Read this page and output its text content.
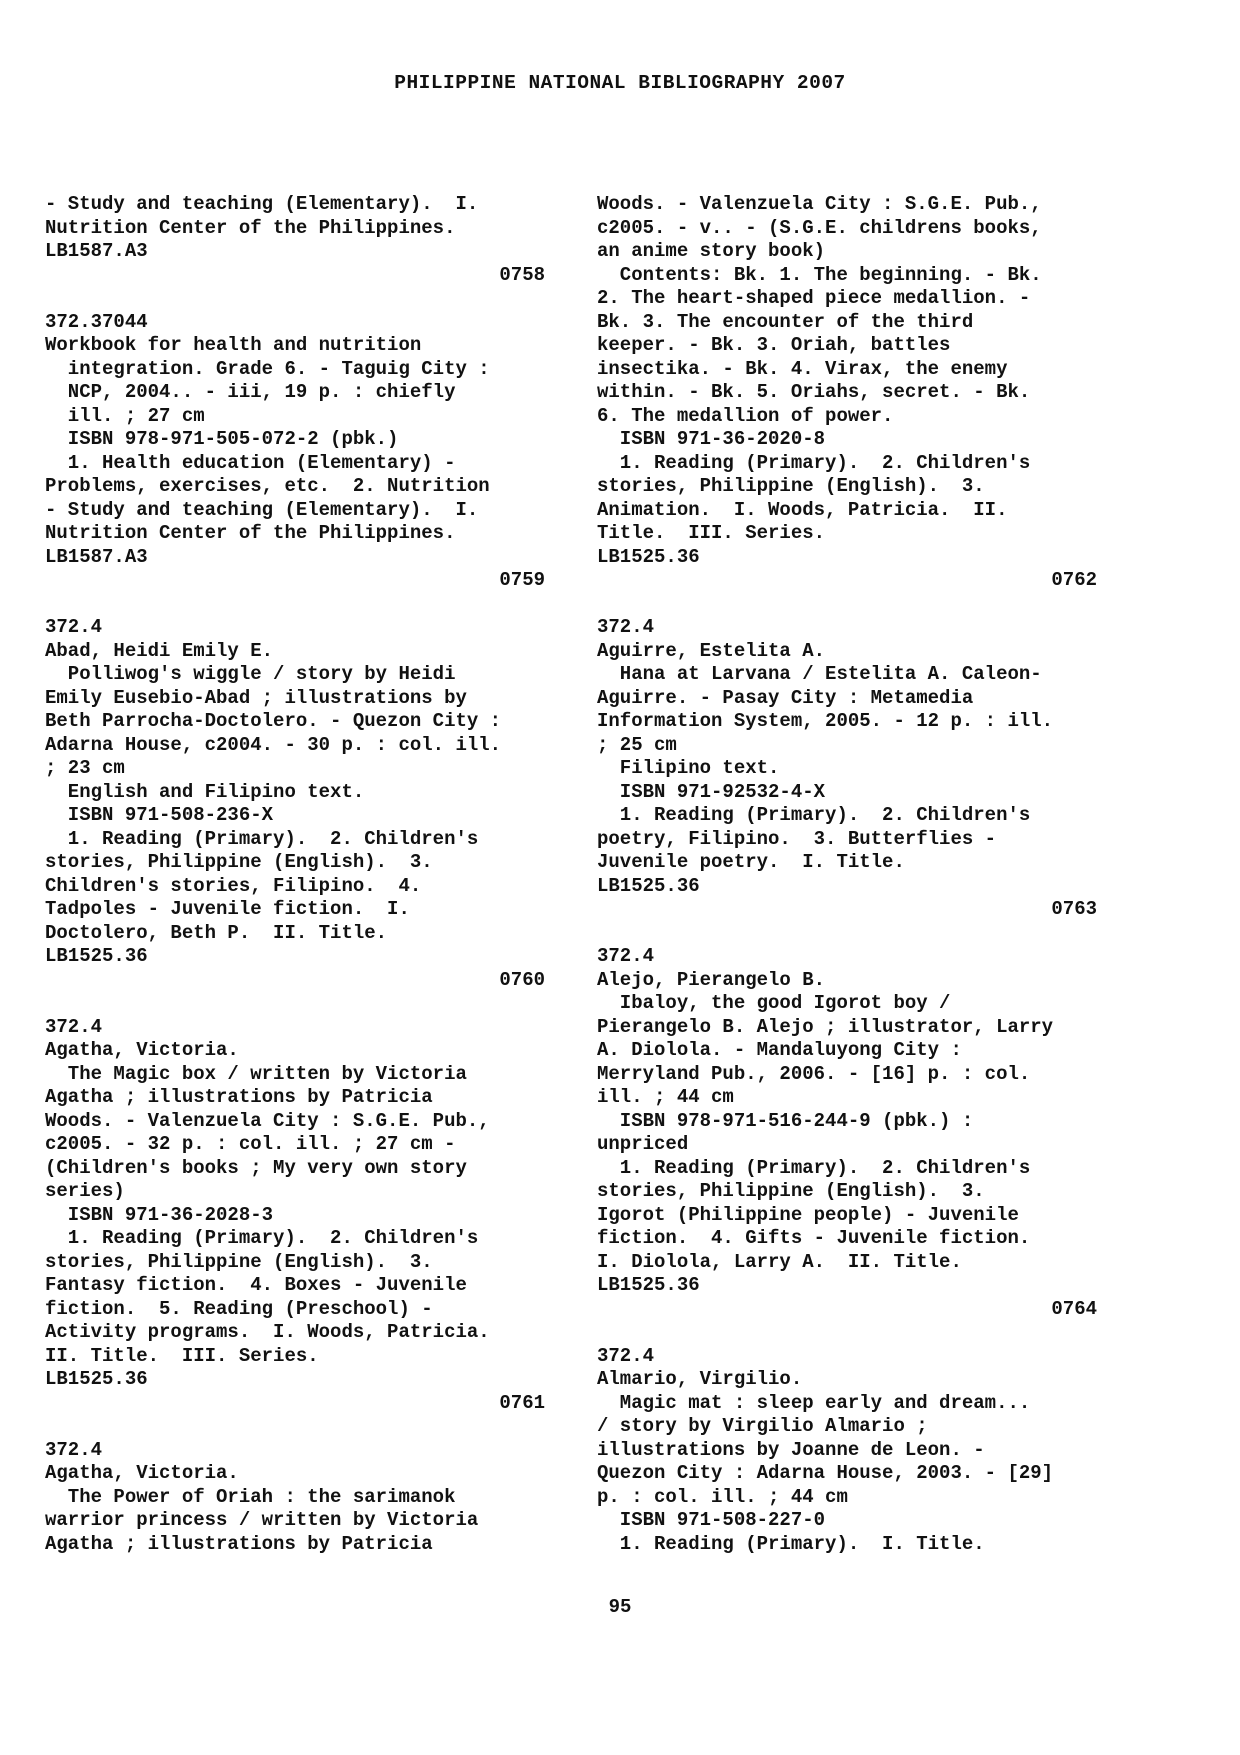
PHILIPPINE NATIONAL BIBLIOGRAPHY 2007
- Study and teaching (Elementary).  I.
Nutrition Center of the Philippines.
LB1587.A3
0758
372.37044
Workbook for health and nutrition
integration. Grade 6. - Taguig City :
NCP, 2004.. - iii, 19 p. : chiefly
ill. ; 27 cm
ISBN 978-971-505-072-2 (pbk.)
1. Health education (Elementary) -
Problems, exercises, etc.  2. Nutrition
- Study and teaching (Elementary).  I.
Nutrition Center of the Philippines.
LB1587.A3
0759
372.4
Abad, Heidi Emily E.
Polliwog's wiggle / story by Heidi
Emily Eusebio-Abad ; illustrations by
Beth Parrocha-Doctolero. - Quezon City :
Adarna House, c2004. - 30 p. : col. ill.
; 23 cm
English and Filipino text.
ISBN 971-508-236-X
1. Reading (Primary).  2. Children's
stories, Philippine (English).  3.
Children's stories, Filipino.  4.
Tadpoles - Juvenile fiction.  I.
Doctolero, Beth P.  II. Title.
LB1525.36
0760
372.4
Agatha, Victoria.
The Magic box / written by Victoria
Agatha ; illustrations by Patricia
Woods. - Valenzuela City : S.G.E. Pub.,
c2005. - 32 p. : col. ill. ; 27 cm -
(Children's books ; My very own story
series)
ISBN 971-36-2028-3
1. Reading (Primary).  2. Children's
stories, Philippine (English).  3.
Fantasy fiction.  4. Boxes - Juvenile
fiction.  5. Reading (Preschool) -
Activity programs.  I. Woods, Patricia.
II. Title.  III. Series.
LB1525.36
0761
372.4
Agatha, Victoria.
The Power of Oriah : the sarimanok
warrior princess / written by Victoria
Agatha ; illustrations by Patricia
Woods. - Valenzuela City : S.G.E. Pub.,
c2005. - v.. - (S.G.E. childrens books,
an anime story book)
Contents: Bk. 1. The beginning. - Bk.
2. The heart-shaped piece medallion. -
Bk. 3. The encounter of the third
keeper. - Bk. 3. Oriah, battles
insectika. - Bk. 4. Virax, the enemy
within. - Bk. 5. Oriahs, secret. - Bk.
6. The medallion of power.
ISBN 971-36-2020-8
1. Reading (Primary).  2. Children's
stories, Philippine (English).  3.
Animation.  I. Woods, Patricia.  II.
Title.  III. Series.
LB1525.36
0762
372.4
Aguirre, Estelita A.
Hana at Larvana / Estelita A. Caleon-
Aguirre. - Pasay City : Metamedia
Information System, 2005. - 12 p. : ill.
; 25 cm
Filipino text.
ISBN 971-92532-4-X
1. Reading (Primary).  2. Children's
poetry, Filipino.  3. Butterflies -
Juvenile poetry.  I. Title.
LB1525.36
0763
372.4
Alejo, Pierangelo B.
Ibaloy, the good Igorot boy /
Pierangelo B. Alejo ; illustrator, Larry
A. Diolola. - Mandaluyong City :
Merryland Pub., 2006. - [16] p. : col.
ill. ; 44 cm
ISBN 978-971-516-244-9 (pbk.) :
unpriced
1. Reading (Primary).  2. Children's
stories, Philippine (English).  3.
Igorot (Philippine people) - Juvenile
fiction.  4. Gifts - Juvenile fiction.
I. Diolola, Larry A.  II. Title.
LB1525.36
0764
372.4
Almario, Virgilio.
Magic mat : sleep early and dream...
/ story by Virgilio Almario ;
illustrations by Joanne de Leon. -
Quezon City : Adarna House, 2003. - [29]
p. : col. ill. ; 44 cm
ISBN 971-508-227-0
1. Reading (Primary).  I. Title.
95
